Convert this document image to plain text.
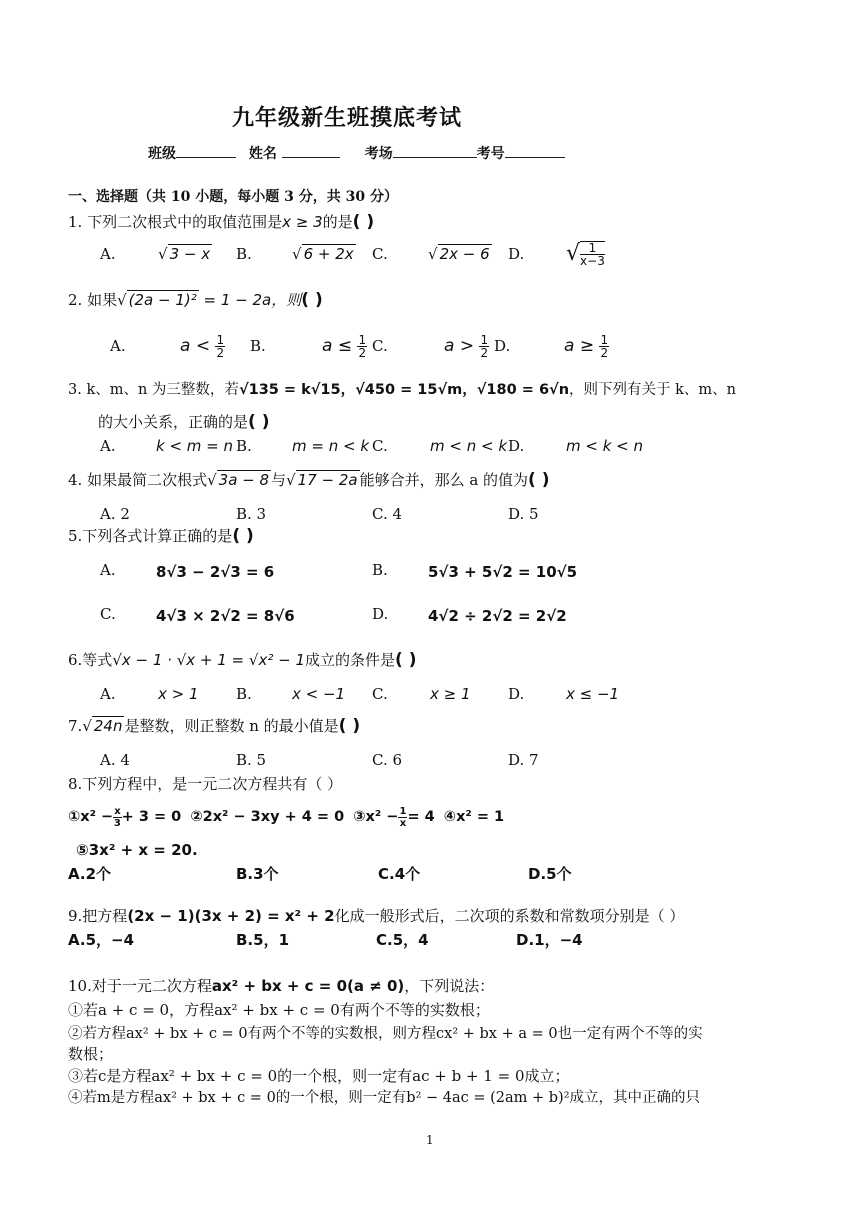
九年级新生班摸底考试
班级	姓名	考场	考号
一、选择题（共 10 小题，每小题 3 分，共 30 分）
1. 下列二次根式中的取值范围是x ≥ 3的是( )
A.	√ 3 − x B.	√ 6 + 2x C.	√ 2x − 6 D. √ $\frac{1}{x-3}$
2. 如果√ (2a − 1)² = 1 − 2a，则( )
A.	$a < \frac{1}{2} B$.	$a \le \frac{1}{2} C$.	$a > \frac{1}{2} D$.	$a \ge \frac{1}{2}$
3. k、m、n 为三整数，若√135 = k√15，√450 = 15√m，√180 = 6√n，则下列有关于 k、m、n
的大小关系，正确的是( )
A.	k < m = n B.	m = n < k C.	m < n < k D.	m < k < n
4. 如果最简二次根式√ 3a − 8 与√ 17 − 2a 能够合并，那么 a 的值为( )
A. 2	B. 3	C. 4	D. 5
5.下列各式计算正确的是( )
A.	8√3 − 2√3 = 6	B.	5√3 + 5√2 = 10√5
C.	4√3 × 2√2 = 8√6	D.	4√2 ÷ 2√2 = 2√2
6.等式√x − 1 · √x + 1 = √x² − 1成立的条件是( )
A.	x > 1 B.	x < −1 C.	x ≥ 1 D.	x ≤ −1
7.√ 24n 是整数，则正整数 n 的最小值是( )
A. 4	B. 5	C. 6	D. 7
8.下列方程中，是一元二次方程共有（ ）
①x² − $\frac{x}{3} + 3 = 0$ ②2x² − 3xy + 4 = 0 ③x² − $\frac{1}{x} = 4$ ④x² = 1
⑤3x² + x = 20.
A.2个	B.3个	C.4个	D.5个
9.把方程(2x − 1)(3x + 2) = x² + 2化成一般形式后，二次项的系数和常数项分别是（ ）
A.5，−4	B.5，1	C.5，4	D.1，−4
10.对于一元二次方程ax² + bx + c = 0(a ≠ 0)，下列说法：
①若a + c = 0，方程ax² + bx + c = 0有两个不等的实数根；
②若方程ax² + bx + c = 0有两个不等的实数根，则方程cx² + bx + a = 0也一定有两个不等的实
数根；
③若c是方程ax² + bx + c = 0的一个根，则一定有ac + b + 1 = 0成立；
④若m是方程ax² + bx + c = 0的一个根，则一定有b² − 4ac = (2am + b)²成立，其中正确的只
1
